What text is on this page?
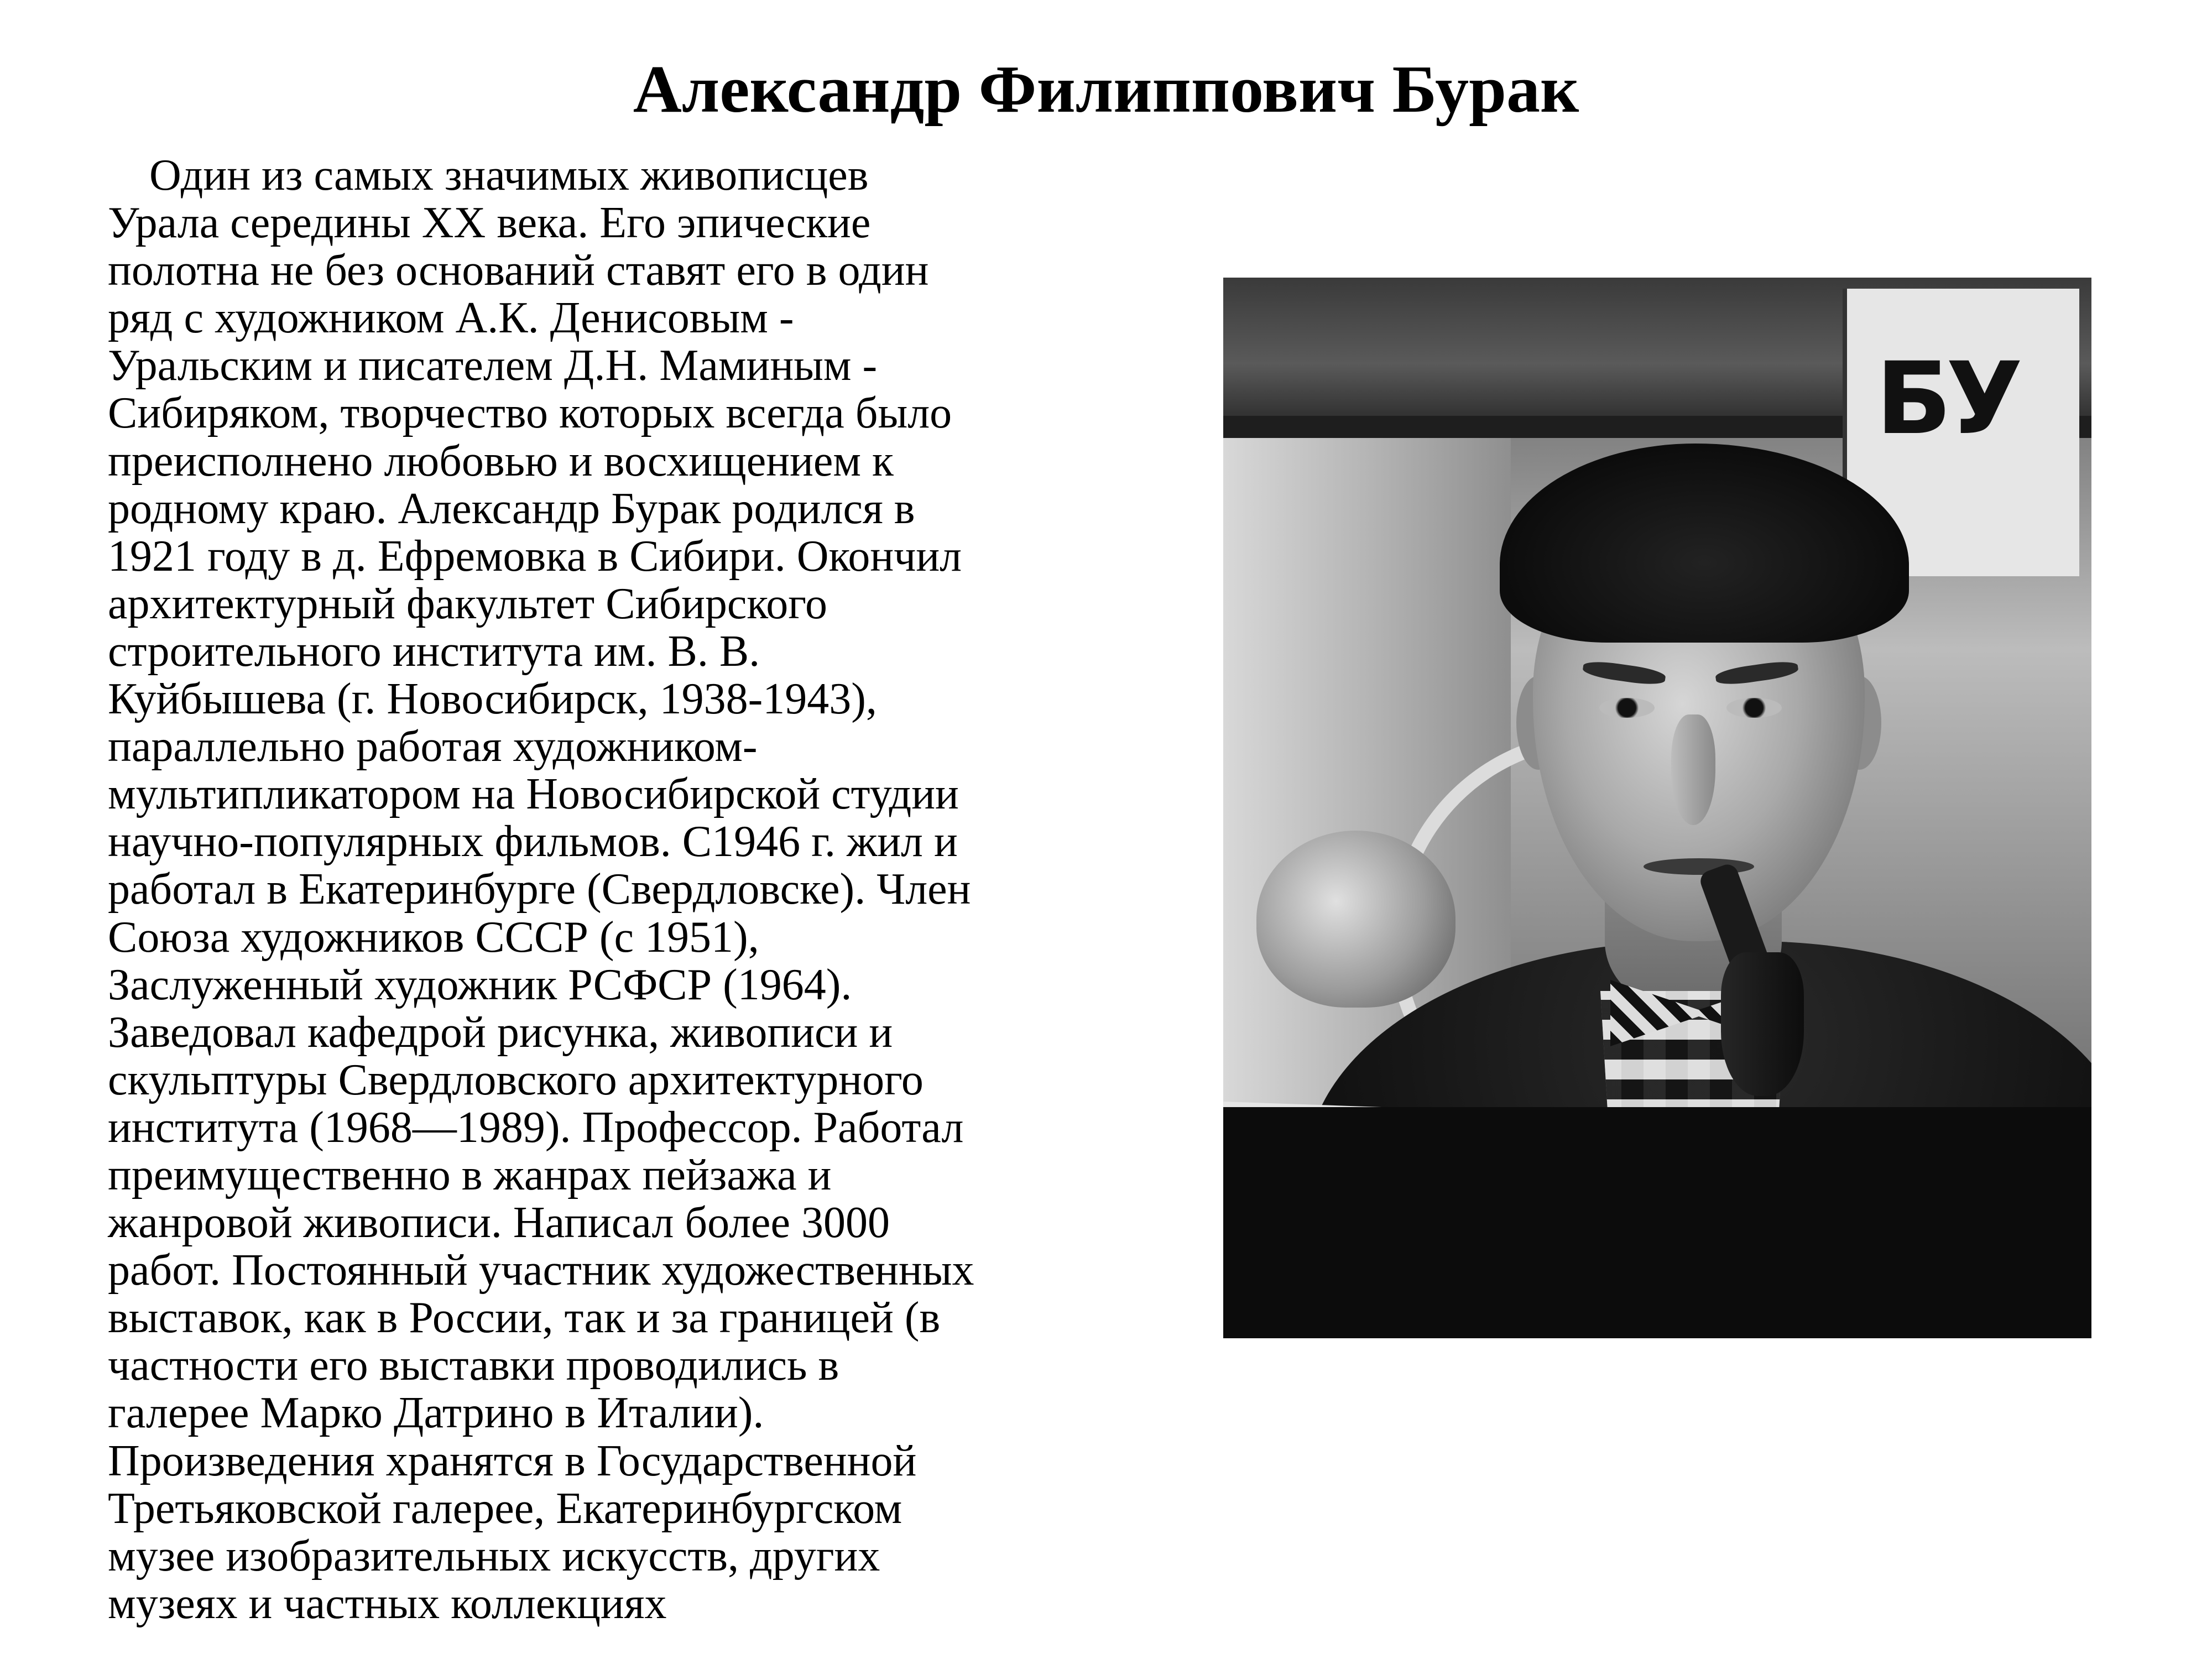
Александр Филиппович Бурак
Один из самых значимых живописцев
Урала середины XX века. Его эпические
полотна не без оснований ставят его в один
ряд с художником А.К. Денисовым -
Уральским и писателем Д.Н. Маминым -
Сибиряком, творчество которых всегда было
преисполнено любовью и восхищением к
родному краю. Александр Бурак родился в
1921 году в д. Ефремовка в Сибири. Окончил
архитектурный факультет Сибирского
строительного института им. В. В.
Куйбышева (г. Новосибирск, 1938-1943),
параллельно работая художником-
мультипликатором на Новосибирской студии
научно-популярных фильмов. С1946 г. жил и
работал в Екатеринбурге (Свердловске). Член
Союза художников СССР (с 1951),
Заслуженный художник РСФСР (1964).
Заведовал кафедрой рисунка, живописи и
скульптуры Свердловского архитектурного
института (1968—1989). Профессор. Работал
преимущественно в жанрах пейзажа и
жанровой живописи. Написал более 3000
работ. Постоянный участник художественных
выставок, как в России, так и за границей (в
частности его выставки проводились в
галерее Марко Датрино в Италии).
Произведения хранятся в Государственной
Третьяковской галерее, Екатеринбургском
музее изобразительных искусств, других
музеях и частных коллекциях
БУ
